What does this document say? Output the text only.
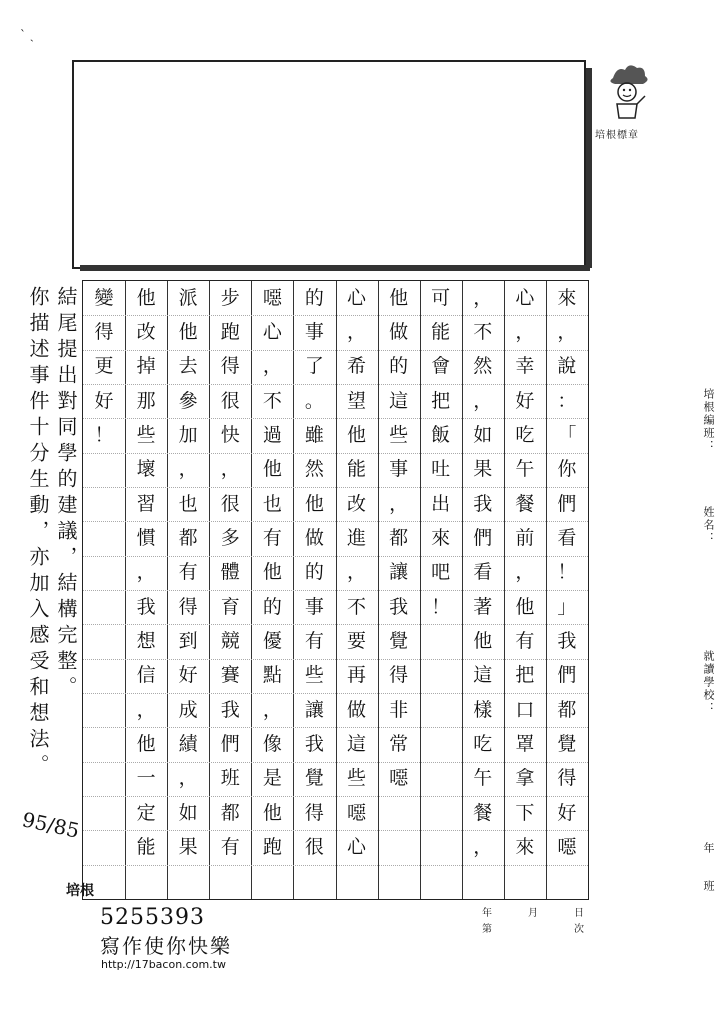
` ˎ
培根標章
結尾提出對同學的建議，結構完整。
你描述事件十分生動，亦加入感受和想法。
95/85
培根
來
，
說
：
「
你
們
看
！
」
我
們
都
覺
得
好
噁
心
，
幸
好
吃
午
餐
前
，
他
有
把
口
罩
拿
下
來
，
不
然
，
如
果
我
們
看
著
他
這
樣
吃
午
餐
，
可
能
會
把
飯
吐
出
來
吧
！
他
做
的
這
些
事
，
都
讓
我
覺
得
非
常
噁
心
，
希
望
他
能
改
進
，
不
要
再
做
這
些
噁
心
的
事
了
。
雖
然
他
做
的
事
有
些
讓
我
覺
得
很
噁
心
，
不
過
他
也
有
他
的
優
點
，
像
是
他
跑
步
跑
得
很
快
，
很
多
體
育
競
賽
我
們
班
都
有
派
他
去
參
加
，
也
都
有
得
到
好
成
績
，
如
果
他
改
掉
那
些
壞
習
慣
，
我
想
信
，
他
一
定
能
變
得
更
好
！	培根編班：
姓名：
就讀學校：
年
班
年	月	日
第	次
5255393
寫作使你快樂
http://17bacon.com.tw
